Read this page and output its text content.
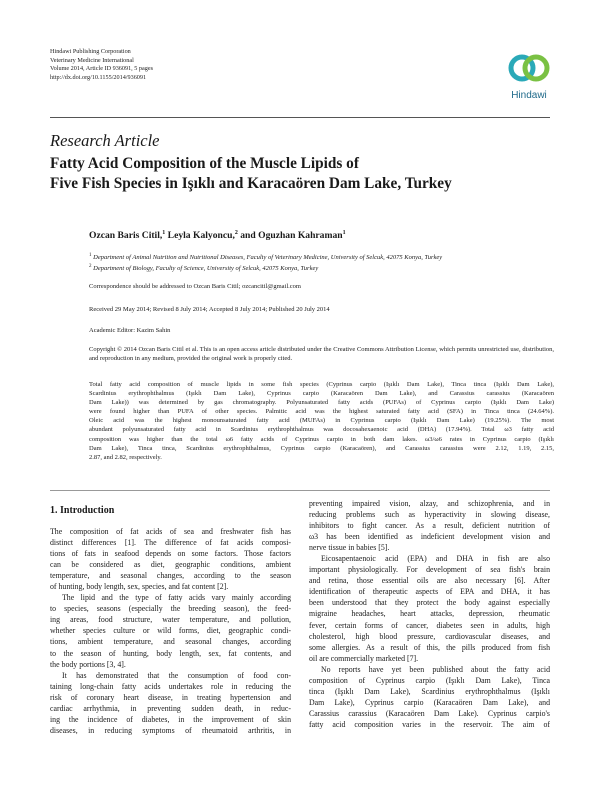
Hindawi Publishing Corporation
Veterinary Medicine International
Volume 2014, Article ID 936091, 5 pages
http://dx.doi.org/10.1155/2014/936091
Hindawi
Research Article
Fatty Acid Composition of the Muscle Lipids of
Five Fish Species in Işıklı and Karacaören Dam Lake, Turkey
Ozcan Baris Citil,$^1$ Leyla Kalyoncu,$^2$ and Oguzhan Kahraman$^1$
$^1$ Department of Animal Nutrition and Nutritional Diseases, Faculty of Veterinary Medicine, University of Selcuk, 42075 Konya, Turkey
$^2$ Department of Biology, Faculty of Science, University of Selcuk, 42075 Konya, Turkey
Correspondence should be addressed to Ozcan Baris Citil; ozcancitil@gmail.com
Received 29 May 2014; Revised 8 July 2014; Accepted 8 July 2014; Published 20 July 2014
Academic Editor: Kazim Sahin
Copyright © 2014 Ozcan Baris Citil et al. This is an open access article distributed under the Creative Commons Attribution License, which permits unrestricted use, distribution, and reproduction in any medium, provided the original work is properly cited.
Total fatty acid composition of muscle lipids in some fish species (Cyprinus carpio (Işıklı Dam Lake), Tinca tinca (Işıklı Dam Lake),
Scardinius erythrophthalmus (Işıklı Dam Lake), Cyprinus carpio (Karacaören Dam Lake), and Carassius carassius (Karacaören
Dam Lake)) was determined by gas chromatography. Polyunsaturated fatty acids (PUFAs) of Cyprinus carpio (Işıklı Dam Lake)
were found higher than PUFA of other species. Palmitic acid was the highest saturated fatty acid (SFA) in Tinca tinca (24.64%).
Oleic acid was the highest monounsaturated fatty acid (MUFAs) in Cyprinus carpio (Işıklı Dam Lake) (19.25%). The most
abundant polyunsaturated fatty acid in Scardinius erythrophthalmus was docosahexaenoic acid (DHA) (17.94%). Total ω3 fatty acid
composition was higher than the total ω6 fatty acids of Cyprinus carpio in both dam lakes. ω3/ω6 rates in Cyprinus carpio (Işıklı
Dam Lake), Tinca tinca, Scardinius erythrophthalmus, Cyprinus carpio (Karacaören), and Carassius carassius were 2.12, 1.19, 2.15,
2.87, and 2.82, respectively.
1. Introduction

The composition of fat acids of sea and freshwater fish has
distinct differences [1]. The difference of fat acids composi-
tions of fats in seafood depends on some factors. Those factors
can be considered as diet, geographic conditions, ambient
temperature, and seasonal changes, according to the season
of hunting, body length, sex, species, and fat content [2].

The lipid and the type of fatty acids vary mainly according
to species, seasons (especially the breeding season), the feed-
ing areas, food structure, water temperature, and pollution,
whether species culture or wild forms, diet, geographic condi-
tions, ambient temperature, and seasonal changes, according
to the season of hunting, body length, sex, fat contents, and
the body portions [3, 4].

It has demonstrated that the consumption of food con-
taining long-chain fatty acids undertakes role in reducing the
risk of coronary heart disease, in treating hypertension and
cardiac arrhythmia, in preventing sudden death, in reduc-
ing the incidence of diabetes, in the improvement of skin
diseases, in reducing symptoms of rheumatoid arthritis, in

preventing impaired vision, alzay, and schizophrenia, and in
reducing problems such as hyperactivity in slowing disease,
inhibitors to fight cancer. As a result, deficient nutrition of
ω3 has been identified as indeficient development vision and
nerve tissue in babies [5].

Eicosapentaenoic acid (EPA) and DHA in fish are also
important physiologically. For development of sea fish's brain
and retina, those essential oils are also necessary [6]. After
identification of therapeutic aspects of EPA and DHA, it has
been understood that they protect the body against especially
migraine headaches, heart attacks, depression, rheumatic
fever, certain forms of cancer, diabetes seen in adults, high
cholesterol, high blood pressure, cardiovascular diseases, and
some allergies. As a result of this, the pills produced from fish
oil are commercially marketed [7].

No reports have yet been published about the fatty acid
composition of Cyprinus carpio (Işıklı Dam Lake), Tinca
tinca (Işıklı Dam Lake), Scardinius erythrophthalmus (Işıklı
Dam Lake), Cyprinus carpio (Karacaören Dam Lake), and
Carassius carassius (Karacaören Dam Lake). Cyprinus carpio's
fatty acid composition varies in the reservoir. The aim of
